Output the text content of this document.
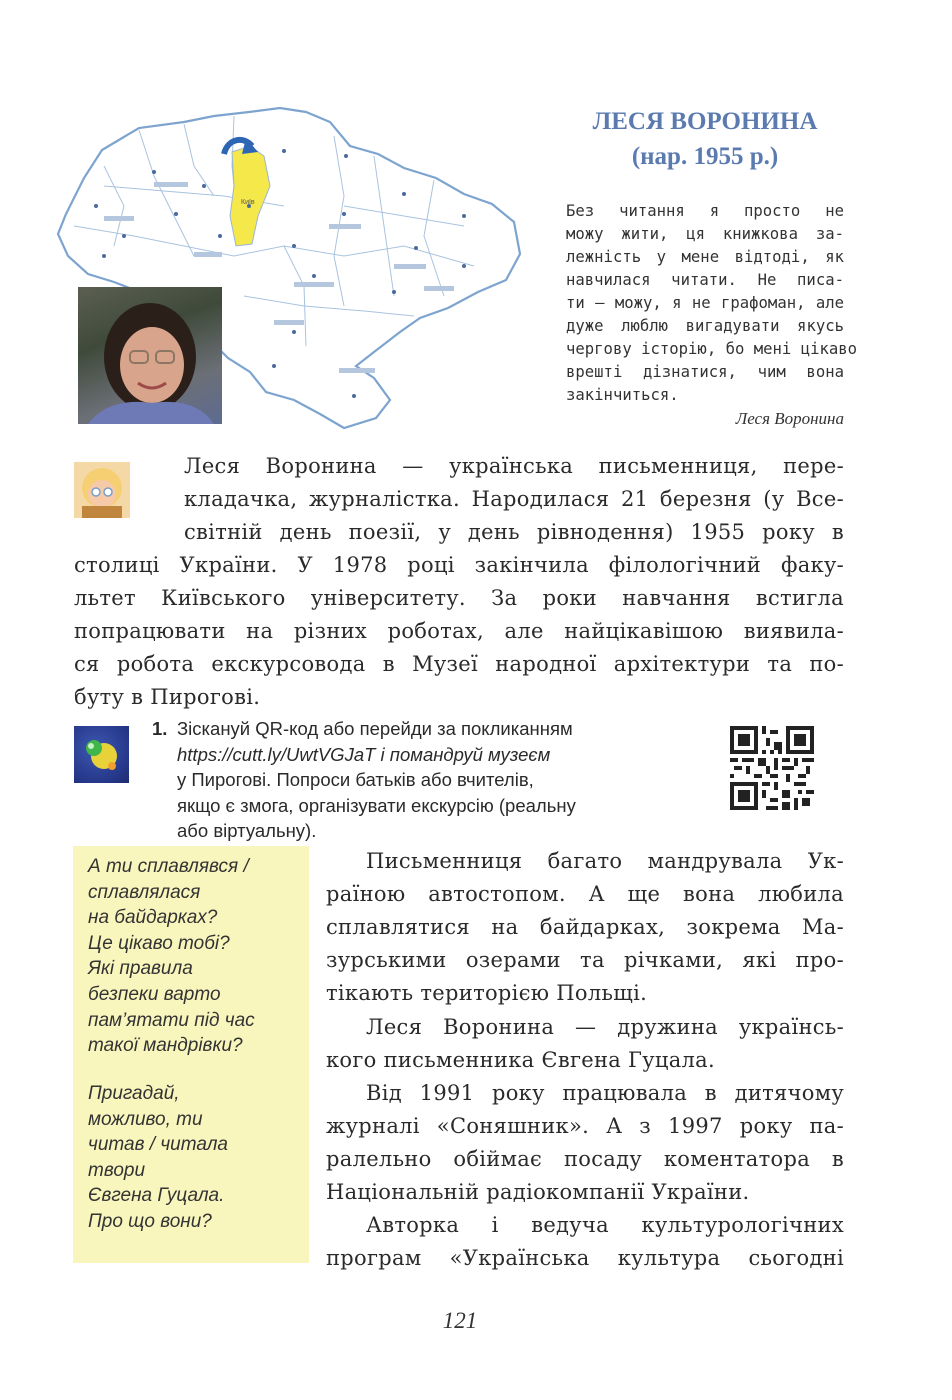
Київ
ЛЕСЯ ВОРОНИНА
(нар. 1955 р.)
Без читання я просто не
можу жити, ця книжкова за-
лежність у мене відтоді, як
навчилася читати. Не писа-
ти — можу, я не графоман, але
дуже люблю вигадувати якусь
чергову історію, бо мені цікаво
врешті дізнатися, чим вона
закінчиться.
Леся Воронина
Леся Воронина — українська письменниця, пере-
кладачка, журналістка. Народилася 21 березня (у Все-
світній день поезії, у день рівнодення) 1955 року в
столиці України. У 1978 році закінчила філологічний факу-
льтет Київського університету. За роки навчання встигла
попрацювати на різних роботах, але найцікавішою виявила-
ся робота екскурсовода в Музеї народної архітектури та по-
буту в Пирогові.
1. Зіскануй QR-код або перейди за покликанням
https://cutt.ly/UwtVGJaT і помандруй музеєм
у Пирогові. Попроси батьків або вчителів,
якщо є змога, організувати екскурсію (реальну
або віртуальну).
А ти сплавлявся /
сплавлялася
на байдарках?
Це цікаво тобі?
Які правила
безпеки варто
пам’ятати під час
такої мандрівки?
Пригадай,
можливо, ти
читав / читала
твори
Євгена Гуцала.
Про що вони?
Письменниця багато мандрувала Ук-
раїною автостопом. А ще вона любила
сплавлятися на байдарках, зокрема Ма-
зурськими озерами та річками, які про-
тікають територією Польщі.
Леся Воронина — дружина українсь-
кого письменника Євгена Гуцала.
Від 1991 року працювала в дитячому
журналі «Соняшник». А з 1997 року па-
ралельно обіймає посаду коментатора в
Національній радіокомпанії України.
Авторка і ведуча культурологічних
програм «Українська культура сьогодні
121
